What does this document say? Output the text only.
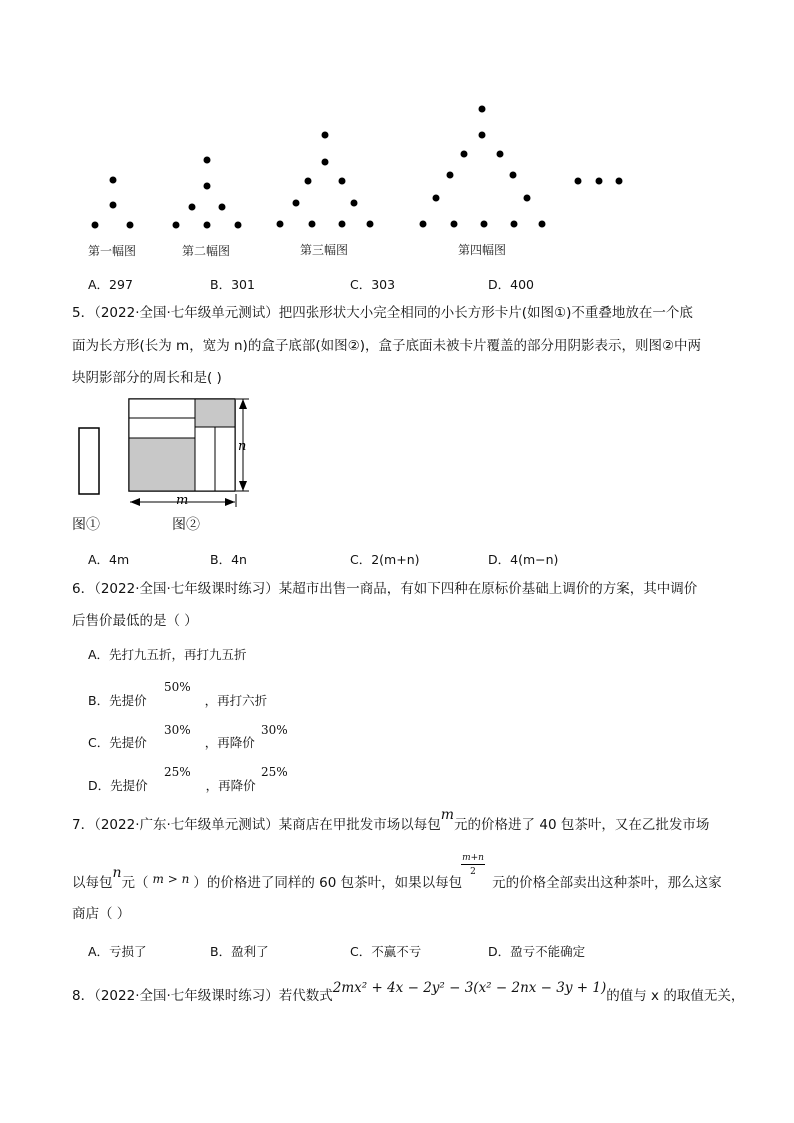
第一幅图	第二幅图	第三幅图	第四幅图
A．297	B．301	C．303	D．400
5．（2022·全国·七年级单元测试）把四张形状大小完全相同的小长方形卡片(如图①)不重叠地放在一个底
面为长方形(长为 m，宽为 n)的盒子底部(如图②)，盒子底面未被卡片覆盖的部分用阴影表示，则图②中两
块阴影部分的周长和是( )
m
n
图①	图②
A．4m	B．4n	C．2(m+n)	D．4(m−n)
6．（2022·全国·七年级课时练习）某超市出售一商品，有如下四种在原标价基础上调价的方案，其中调价
后售价最低的是（ ）
A．先打九五折，再打九五折
B．先提价	，再打六折
50%
C．先提价	，再降价
30%	30%
D．先提价	，再降价
25%	25%
7．（2022·广东·七年级单元测试）某商店在甲批发市场以每包m元的价格进了 40 包茶叶，又在乙批发市场
以每包n元（ m > n ）的价格进了同样的 60 包茶叶，如果以每包 元的价格全部卖出这种茶叶，那么这家
m+n
2
商店（ ）
A．亏损了	B．盈利了	C．不赢不亏	D．盈亏不能确定
8．（2022·全国·七年级课时练习）若代数式2mx² + 4x − 2y² − 3(x² − 2nx − 3y + 1)的值与 x 的取值无关，
